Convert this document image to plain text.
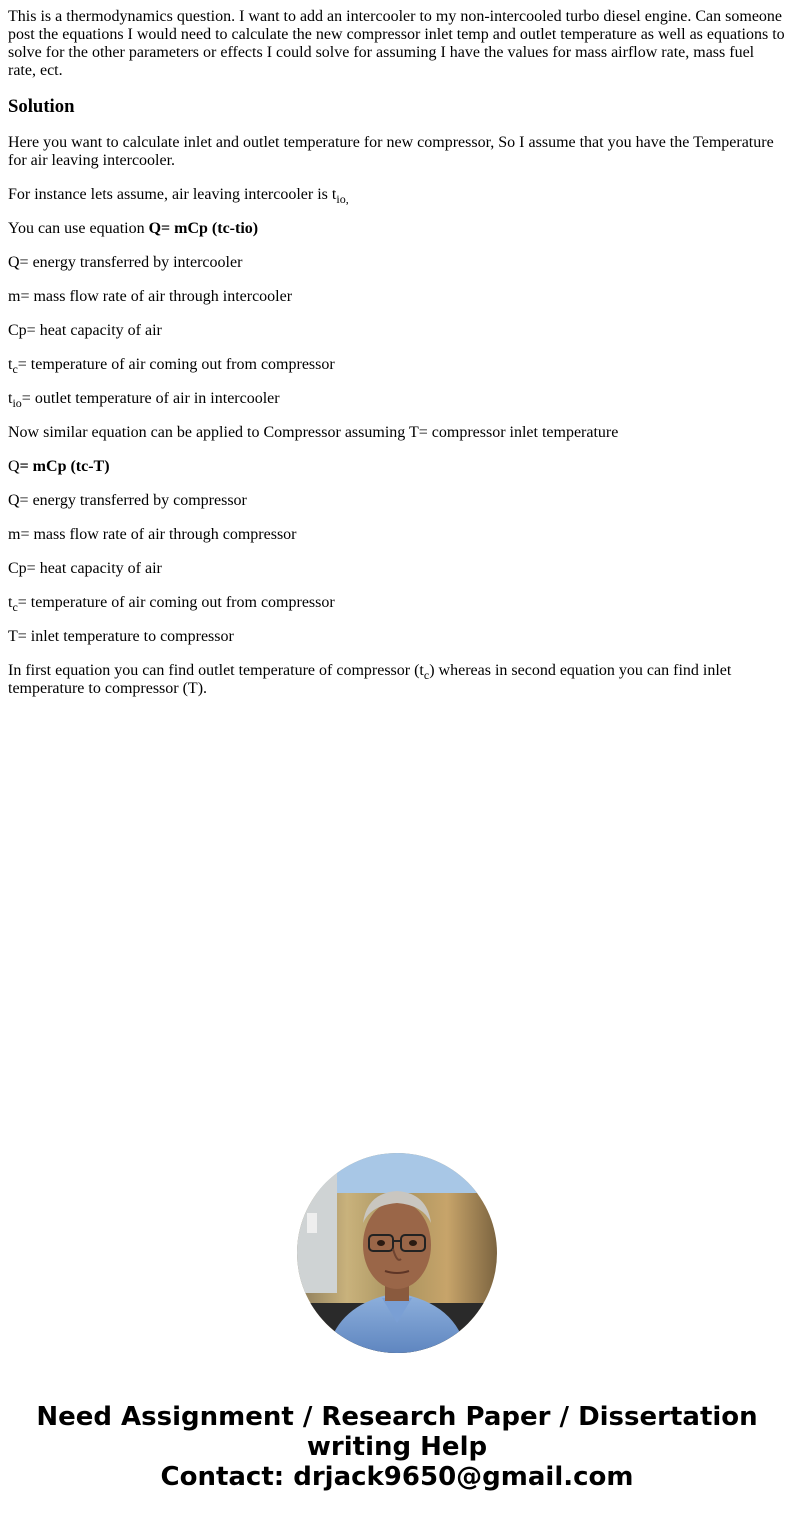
This is a thermodynamics question. I want to add an intercooler to my non-intercooled turbo diesel engine. Can someone post the equations I would need to calculate the new compressor inlet temp and outlet temperature as well as equations to solve for the other parameters or effects I could solve for assuming I have the values for mass airflow rate, mass fuel rate, ect.

Solution

Here you want to calculate inlet and outlet temperature for new compressor, So I assume that you have the Temperature for air leaving intercooler.

For instance lets assume, air leaving intercooler is $t_{io,}$

You can use equation Q= mCp (tc-tio)

Q= energy transferred by intercooler

m= mass flow rate of air through intercooler

Cp= heat capacity of air

$t_c=$ temperature of air coming out from compressor

$t_{io}=$ outlet temperature of air in intercooler

Now similar equation can be applied to Compressor assuming T= compressor inlet temperature

Q= mCp (tc-T)

Q= energy transferred by compressor

m= mass flow rate of air through compressor

Cp= heat capacity of air

$t_c=$ temperature of air coming out from compressor

T= inlet temperature to compressor

In first equation you can find outlet temperature of compressor $(t_c)$ whereas in second equation you can find inlet temperature to compressor (T).

Need Assignment / Research Paper / Dissertation
writing Help
Contact: drjack9650@gmail.com
